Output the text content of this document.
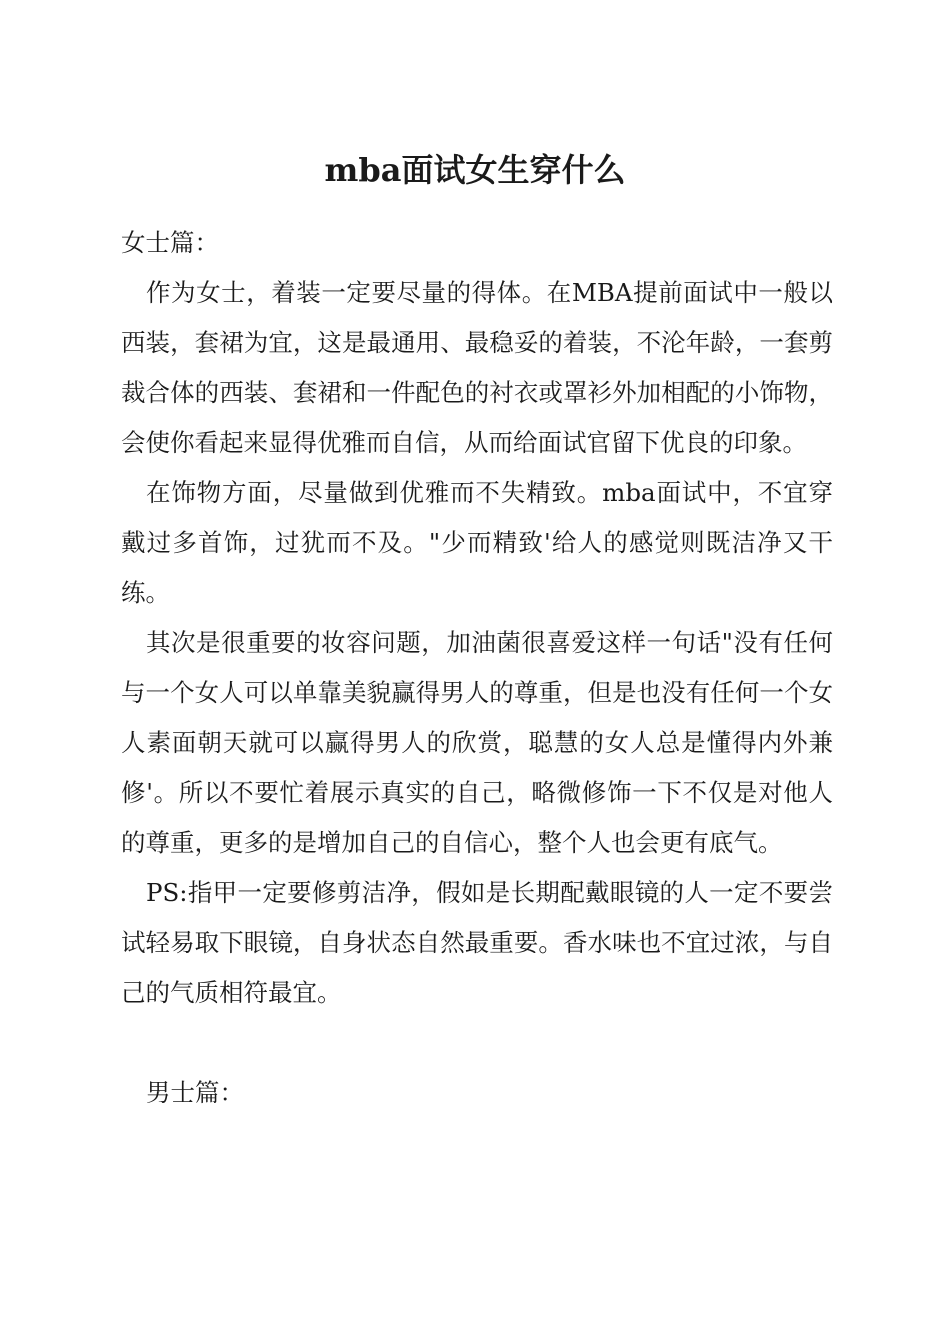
mba面试女生穿什么

女士篇：

作为女士，着装一定要尽量的得体。在MBA提前面试中一般以西装，套裙为宜，这是最通用、最稳妥的着装，不沦年龄，一套剪裁合体的西装、套裙和一件配色的衬衣或罩衫外加相配的小饰物，会使你看起来显得优雅而自信，从而给面试官留下优良的印象。

在饰物方面，尽量做到优雅而不失精致。mba面试中，不宜穿戴过多首饰，过犹而不及。"少而精致'给人的感觉则既洁净又干练。

其次是很重要的妆容问题，加油菌很喜爱这样一句话"没有任何与一个女人可以单靠美貌赢得男人的尊重，但是也没有任何一个女人素面朝天就可以赢得男人的欣赏，聪慧的女人总是懂得内外兼修'。所以不要忙着展示真实的自己，略微修饰一下不仅是对他人的尊重，更多的是增加自己的自信心，整个人也会更有底气。

PS:指甲一定要修剪洁净，假如是长期配戴眼镜的人一定不要尝试轻易取下眼镜，自身状态自然最重要。香水味也不宜过浓，与自己的气质相符最宜。

男士篇：
